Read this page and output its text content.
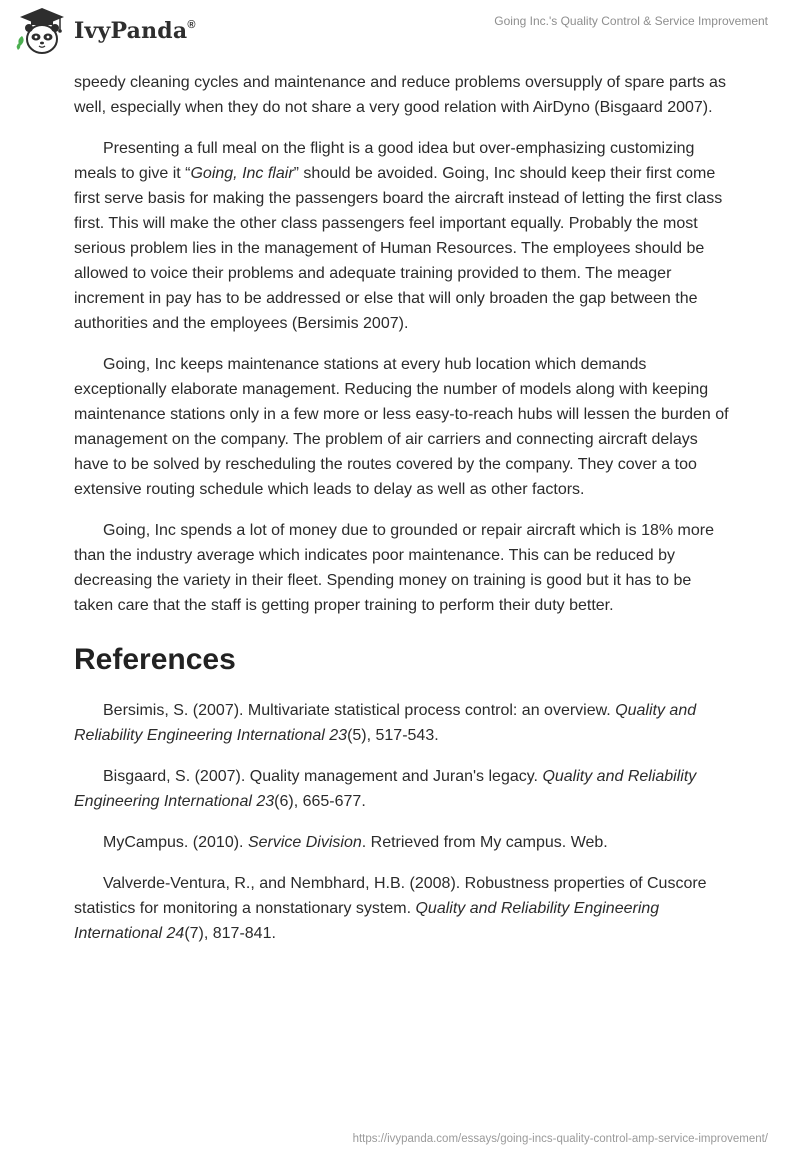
IvyPanda®	Going Inc.'s Quality Control & Service Improvement

speedy cleaning cycles and maintenance and reduce problems oversupply of spare parts as well, especially when they do not share a very good relation with AirDyno (Bisgaard 2007).

Presenting a full meal on the flight is a good idea but over-emphasizing customizing meals to give it “Going, Inc flair” should be avoided. Going, Inc should keep their first come first serve basis for making the passengers board the aircraft instead of letting the first class first. This will make the other class passengers feel important equally. Probably the most serious problem lies in the management of Human Resources. The employees should be allowed to voice their problems and adequate training provided to them. The meager increment in pay has to be addressed or else that will only broaden the gap between the authorities and the employees (Bersimis 2007).

Going, Inc keeps maintenance stations at every hub location which demands exceptionally elaborate management. Reducing the number of models along with keeping maintenance stations only in a few more or less easy-to-reach hubs will lessen the burden of management on the company. The problem of air carriers and connecting aircraft delays have to be solved by rescheduling the routes covered by the company. They cover a too extensive routing schedule which leads to delay as well as other factors.

Going, Inc spends a lot of money due to grounded or repair aircraft which is 18% more than the industry average which indicates poor maintenance. This can be reduced by decreasing the variety in their fleet. Spending money on training is good but it has to be taken care that the staff is getting proper training to perform their duty better.

References

Bersimis, S. (2007). Multivariate statistical process control: an overview. Quality and Reliability Engineering International 23(5), 517-543.

Bisgaard, S. (2007). Quality management and Juran's legacy. Quality and Reliability Engineering International 23(6), 665-677.

MyCampus. (2010). Service Division. Retrieved from My campus. Web.

Valverde-Ventura, R., and Nembhard, H.B. (2008). Robustness properties of Cuscore statistics for monitoring a nonstationary system. Quality and Reliability Engineering International 24(7), 817-841.

https://ivypanda.com/essays/going-incs-quality-control-amp-service-improvement/
